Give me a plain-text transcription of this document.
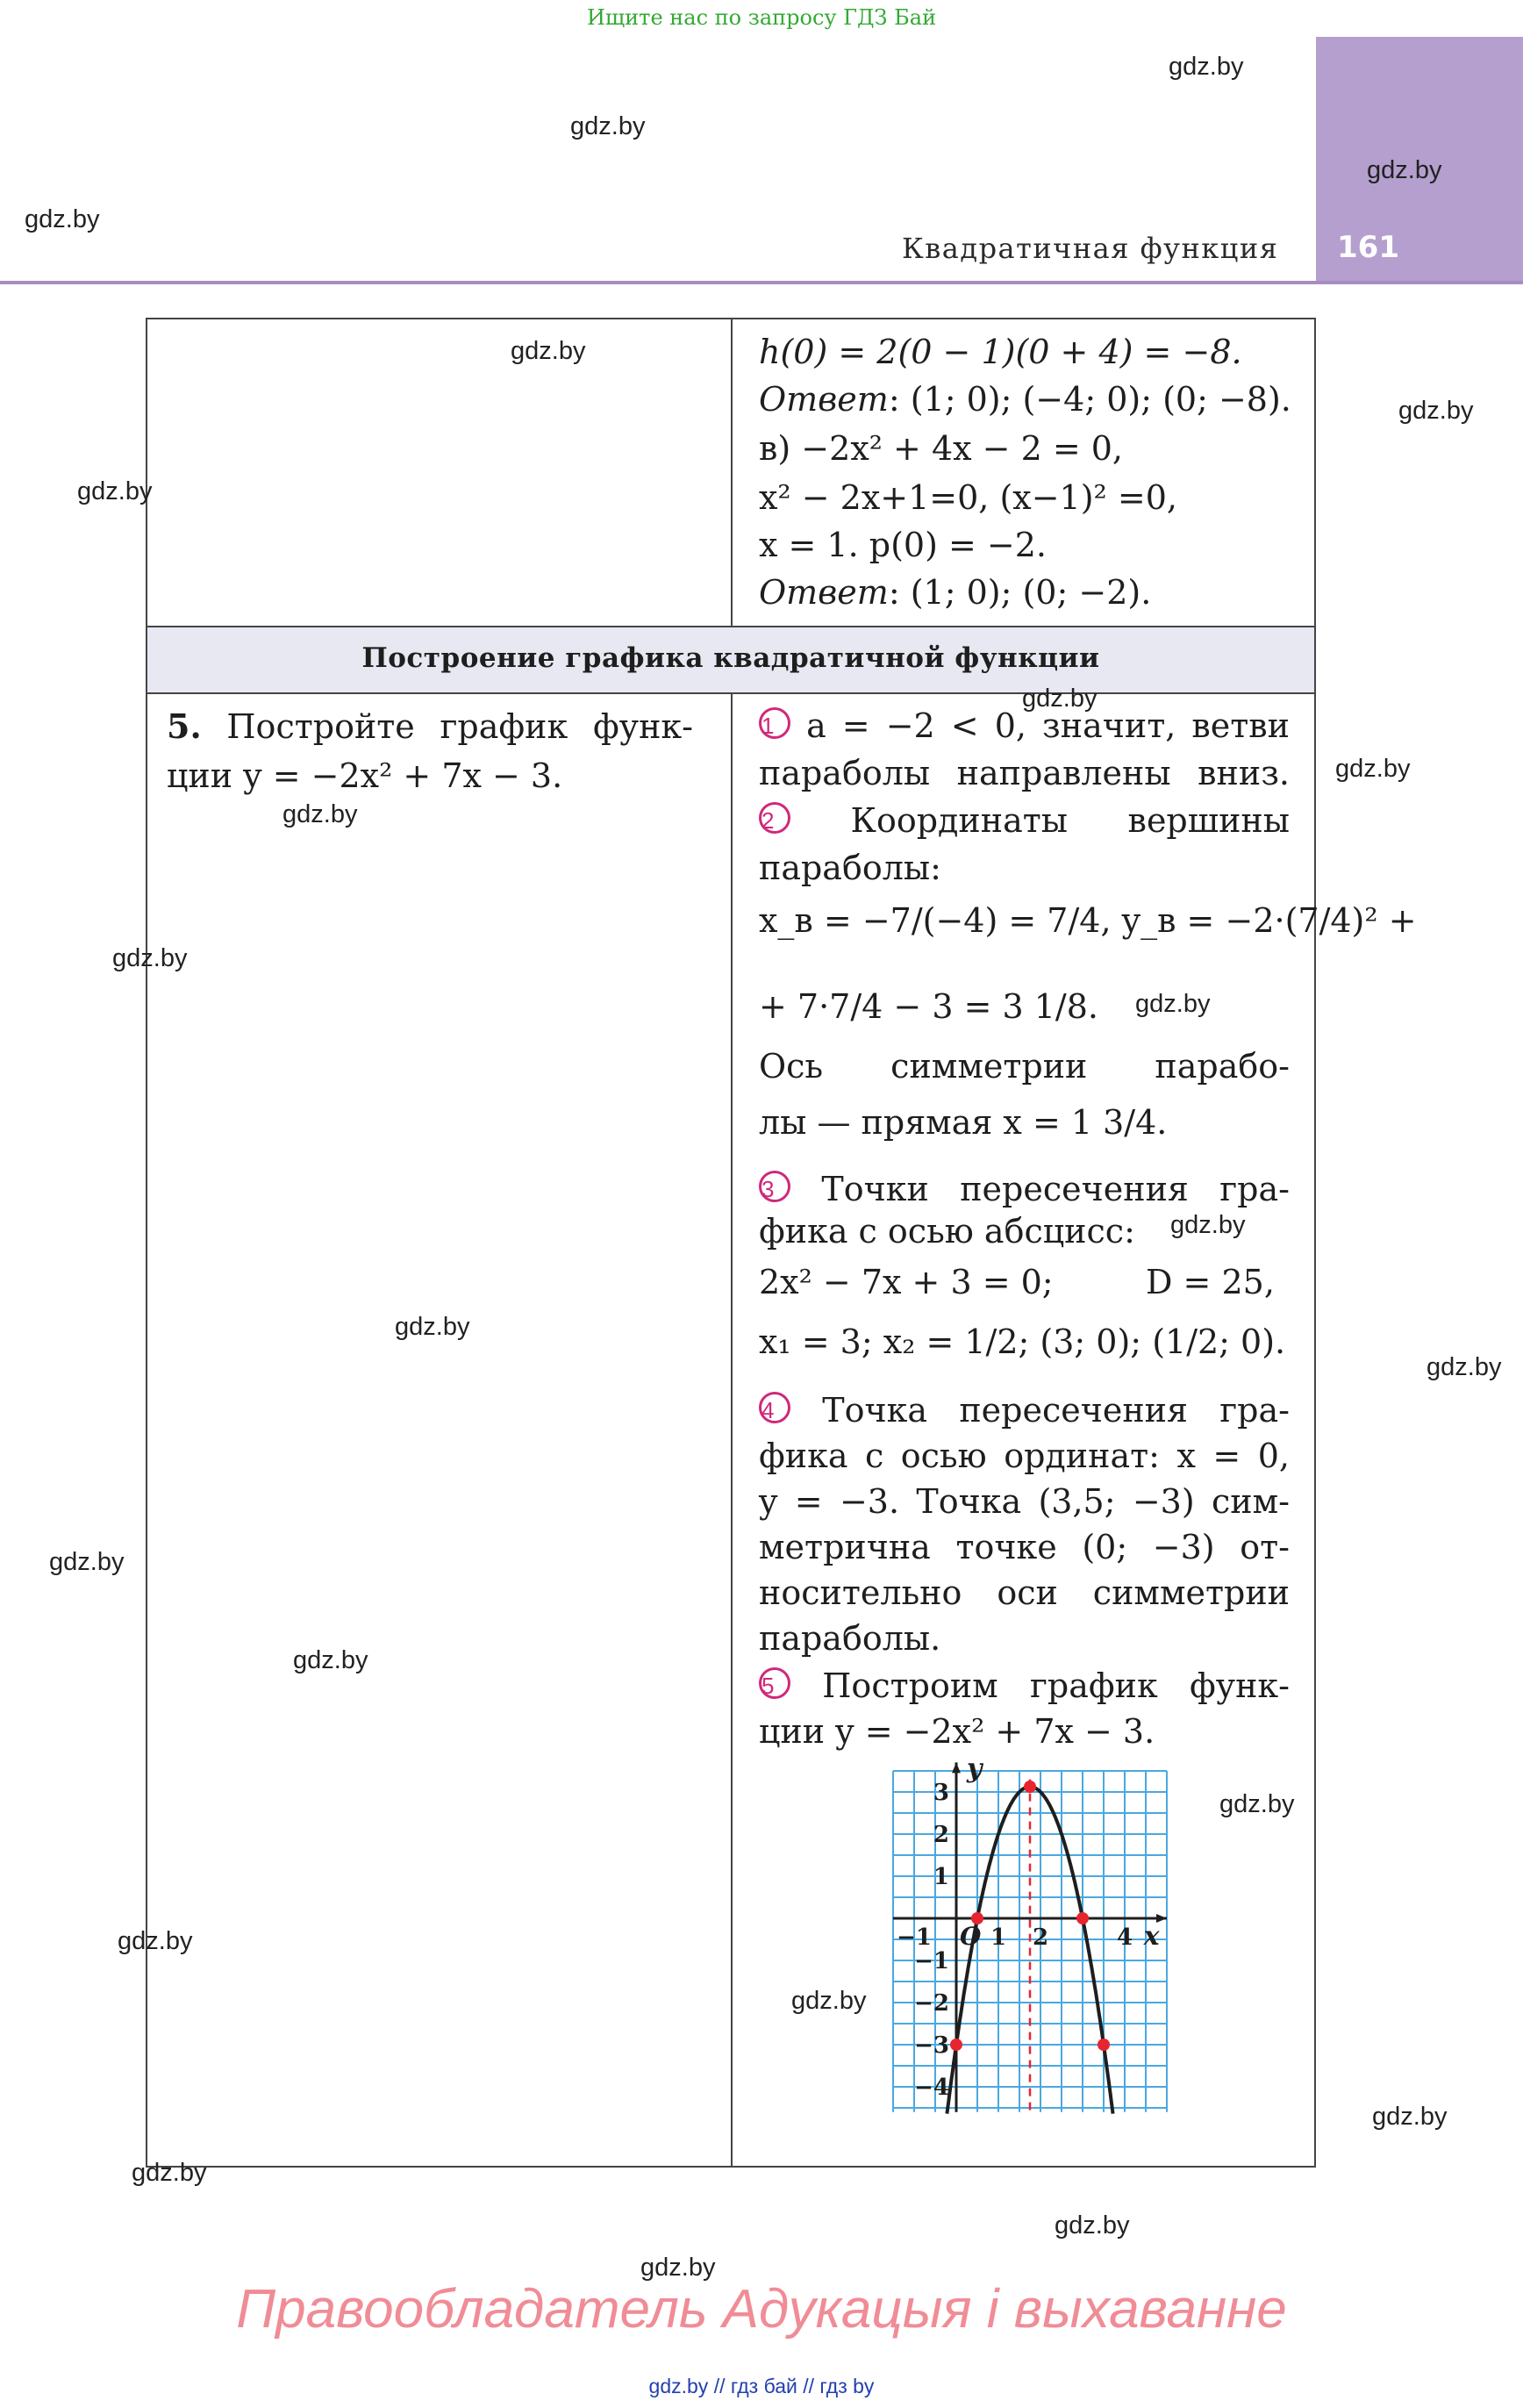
Ищите нас по запросу ГДЗ Бай
Квадратичная функция 161
Построение графика квадратичной функции
h(0) = 2(0 − 1)(0 + 4) = −8.
Ответ: (1; 0); (−4; 0); (0; −8).
в) −2x² + 4x − 2 = 0,
x² − 2x+1=0, (x−1)² =0,
x = 1. p(0) = −2.
Ответ: (1; 0); (0; −2).
5. Постройте график функ-
ции y = −2x² + 7x − 3.
1 a = −2 < 0, значит, ветви
параболы направлены вниз.
2 Координаты вершины
параболы:
x_в = −7/(−4) = 7/4, y_в = −2·(7/4)² +
+ 7·7/4 − 3 = 3 1/8.
Ось симметрии парабо-
лы — прямая x = 1 3/4.
3 Точки пересечения гра-
фика с осью абсцисс:
2x² − 7x + 3 = 0;	D = 25,
x₁ = 3; x₂ = 1/2; (3; 0); (1/2; 0).
4 Точка пересечения гра-
фика с осью ординат: x = 0,
y = −3. Точка (3,5; −3) сим-
метрична точке (0; −3) от-
носительно оси симметрии
параболы.
5 Построим график функ-
ции y = −2x² + 7x − 3.
−1	1 2	4
3
2
1
−1
−2
−3
−4
O	x
y
Правообладатель Адукацыя і выхаванне
gdz.by // гдз бай // гдз by
gdz.by
gdz.by
gdz.by
gdz.by
gdz.by
gdz.by
gdz.by
gdz.by
gdz.by
gdz.by
gdz.by
gdz.by
gdz.by
gdz.by
gdz.by
gdz.by
gdz.by
gdz.by
gdz.by
gdz.by
gdz.by
gdz.by
gdz.by
gdz.by
